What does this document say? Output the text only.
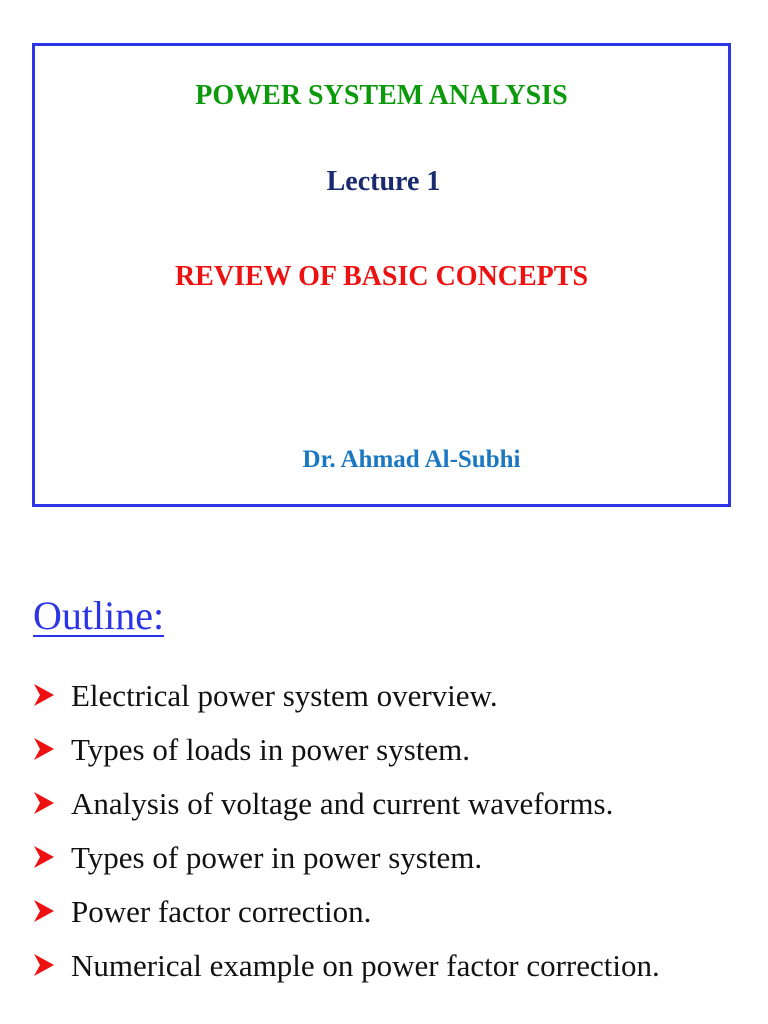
POWER SYSTEM ANALYSIS
Lecture 1
REVIEW OF BASIC CONCEPTS
Dr. Ahmad Al-Subhi
Outline:
Electrical power system overview.
Types of loads in power system.
Analysis of voltage and current waveforms.
Types of power in power system.
Power factor correction.
Numerical example on power factor correction.
